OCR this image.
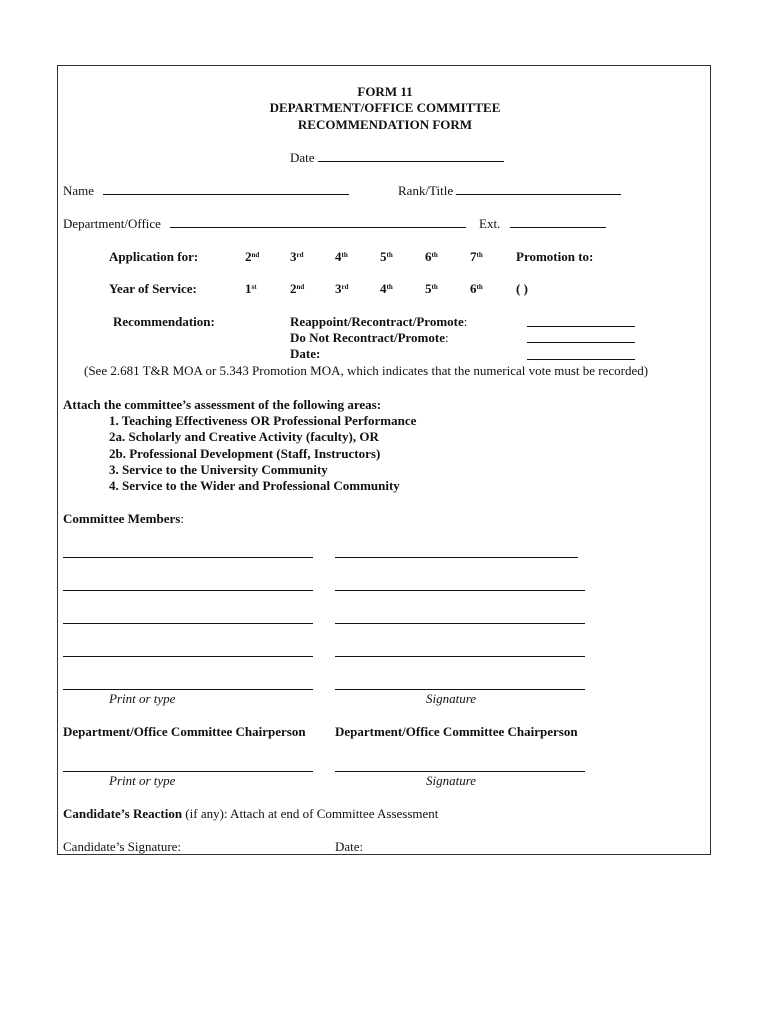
FORM 11
DEPARTMENT/OFFICE COMMITTEE
RECOMMENDATION FORM
Date
Name	Rank/Title
Department/Office	Ext.
Application for:	2nd 3rd 4th 5th 6th 7th	Promotion to:
Year of Service:	1st	2nd 3rd 4th 5th 6th	( )
Recommendation:	Reappoint/Recontract/Promote:
Do Not Recontract/Promote:
Date:
(See 2.681 T&R MOA or 5.343 Promotion MOA, which indicates that the numerical vote must be recorded)
Attach the committee’s assessment of the following areas:
1. Teaching Effectiveness OR Professional Performance
2a. Scholarly and Creative Activity (faculty), OR
2b. Professional Development (Staff, Instructors)
3. Service to the University Community
4. Service to the Wider and Professional Community
Committee Members:
Print or type	Signature
Department/Office Committee Chairperson Department/Office Committee Chairperson
Print or type	Signature
Candidate’s Reaction (if any): Attach at end of Committee Assessment
Candidate’s Signature:	Date:
